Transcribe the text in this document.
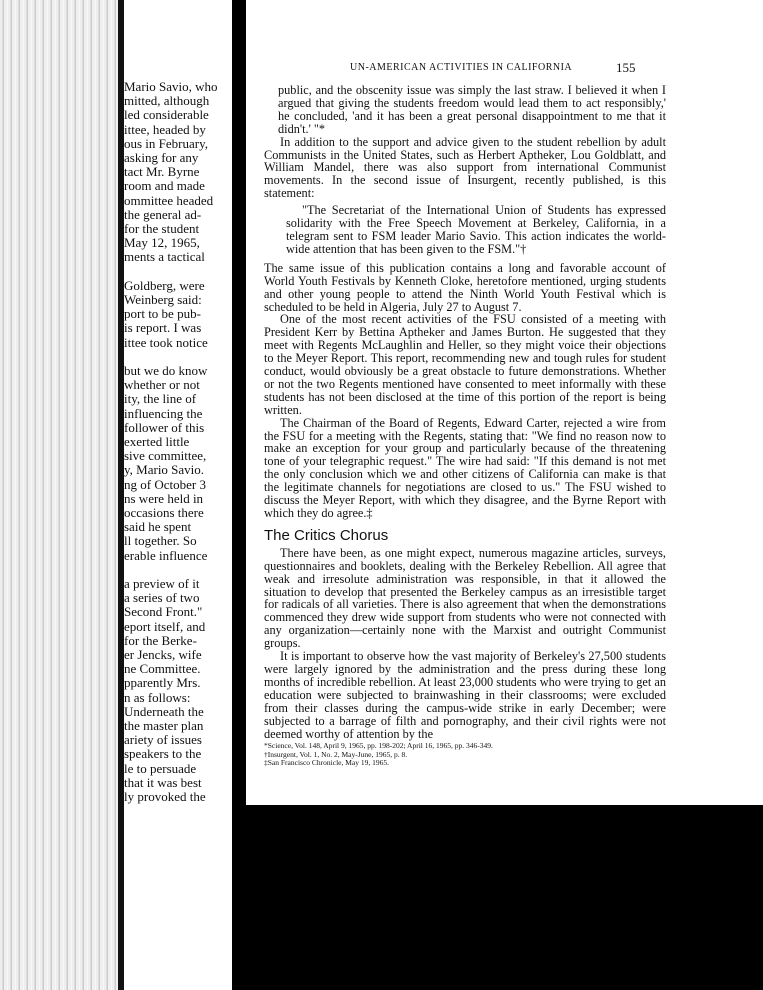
Mario Savio, who
mitted, although
led considerable
ittee, headed by
ous in February,
asking for any
tact Mr. Byrne
room and made
ommittee headed
the general ad-
for the student
May 12, 1965,
ments a tactical
Goldberg, were
Weinberg said:
port to be pub-
is report. I was
ittee took notice
but we do know
whether or not
ity, the line of
influencing the
follower of this
exerted little
sive committee,
y, Mario Savio.
ng of October 3
ns were held in
occasions there
said he spent
ll together. So
erable influence
a preview of it
a series of two
Second Front."
eport itself, and
for the Berke-
er Jencks, wife
ne Committee.
pparently Mrs.
n as follows:
Underneath the
the master plan
ariety of issues
speakers to the
le to persuade
that it was best
ly provoked the
UN-AMERICAN ACTIVITIES IN CALIFORNIA	155

public, and the obscenity issue was simply the last straw. I believed it when I argued that giving the students freedom would lead them to act responsibly,' he concluded, 'and it has been a great personal disappointment to me that it didn't.' "*

In addition to the support and advice given to the student rebellion by adult Communists in the United States, such as Herbert Aptheker, Lou Goldblatt, and William Mandel, there was also support from international Communist movements. In the second issue of Insurgent, recently published, is this statement:

"The Secretariat of the International Union of Students has expressed solidarity with the Free Speech Movement at Berkeley, California, in a telegram sent to FSM leader Mario Savio. This action indicates the world-wide attention that has been given to the FSM."†

The same issue of this publication contains a long and favorable account of World Youth Festivals by Kenneth Cloke, heretofore mentioned, urging students and other young people to attend the Ninth World Youth Festival which is scheduled to be held in Algeria, July 27 to August 7.

One of the most recent activities of the FSU consisted of a meeting with President Kerr by Bettina Aptheker and James Burton. He suggested that they meet with Regents McLaughlin and Heller, so they might voice their objections to the Meyer Report. This report, recommending new and tough rules for student conduct, would obviously be a great obstacle to future demonstrations. Whether or not the two Regents mentioned have consented to meet informally with these students has not been disclosed at the time of this portion of the report is being written.

The Chairman of the Board of Regents, Edward Carter, rejected a wire from the FSU for a meeting with the Regents, stating that: "We find no reason now to make an exception for your group and particularly because of the threatening tone of your telegraphic request." The wire had said: "If this demand is not met the only conclusion which we and other citizens of California can make is that the legitimate channels for negotiations are closed to us." The FSU wished to discuss the Meyer Report, with which they disagree, and the Byrne Report with which they do agree.‡

The Critics Chorus

There have been, as one might expect, numerous magazine articles, surveys, questionnaires and booklets, dealing with the Berkeley Rebellion. All agree that weak and irresolute administration was responsible, in that it allowed the situation to develop that presented the Berkeley campus as an irresistible target for radicals of all varieties. There is also agreement that when the demonstrations commenced they drew wide support from students who were not connected with any organization—certainly none with the Marxist and outright Communist groups.

It is important to observe how the vast majority of Berkeley's 27,500 students were largely ignored by the administration and the press during these long months of incredible rebellion. At least 23,000 students who were trying to get an education were subjected to brainwashing in their classrooms; were excluded from their classes during the campus-wide strike in early December; were subjected to a barrage of filth and pornography, and their civil rights were not deemed worthy of attention by the

*Science, Vol. 148, April 9, 1965, pp. 198-202; April 16, 1965, pp. 346-349.
†Insurgent, Vol. 1, No. 2, May-June, 1965, p. 8.
‡San Francisco Chronicle, May 19, 1965.
